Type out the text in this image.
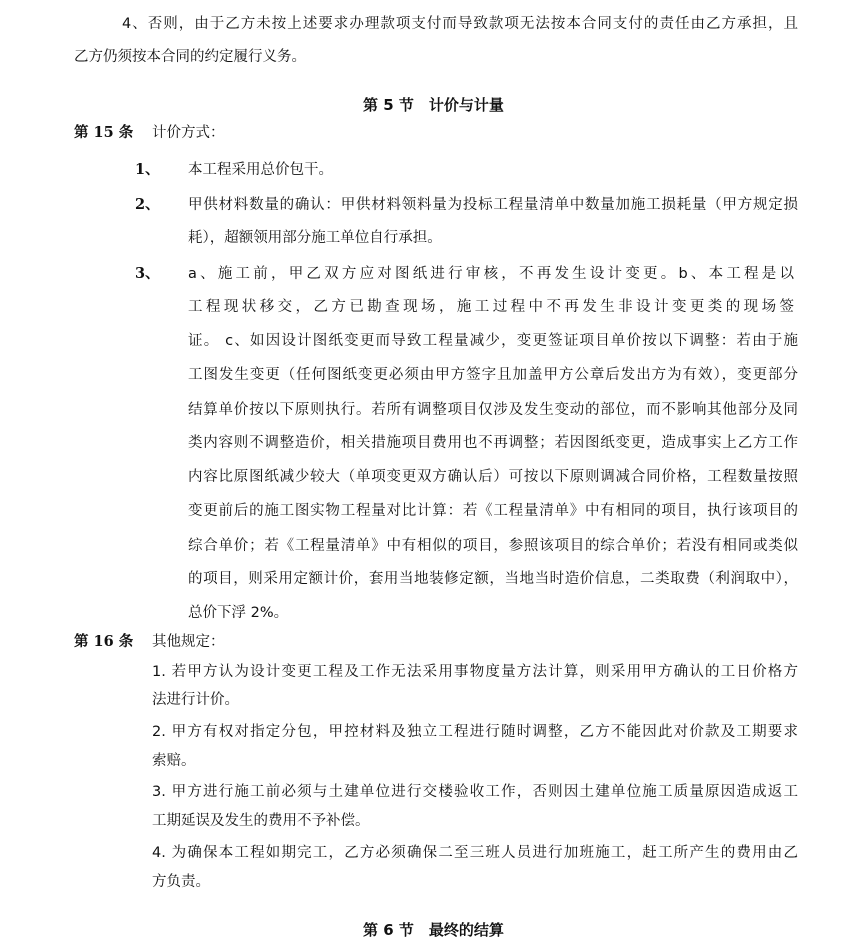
4、否则，由于乙方未按上述要求办理款项支付而导致款项无法按本合同支付的责任由乙方承担，且
乙方仍须按本合同的约定履行义务。
第 5 节　计价与计量
第 15 条 计价方式：
1、 本工程采用总价包干。
2、 甲供材料数量的确认：甲供材料领料量为投标工程量清单中数量加施工损耗量（甲方规定损
耗），超额领用部分施工单位自行承担。
3、 a、施工前，甲乙双方应对图纸进行审核，不再发生设计变更。b、本工程是以
工程现状移交，乙方已勘查现场，施工过程中不再发生非设计变更类的现场签
证。 c、如因设计图纸变更而导致工程量减少，变更签证项目单价按以下调整：若由于施
工图发生变更（任何图纸变更必须由甲方签字且加盖甲方公章后发出方为有效），变更部分
结算单价按以下原则执行。若所有调整项目仅涉及发生变动的部位，而不影响其他部分及同
类内容则不调整造价，相关措施项目费用也不再调整；若因图纸变更，造成事实上乙方工作
内容比原图纸减少较大（单项变更双方确认后）可按以下原则调减合同价格，工程数量按照
变更前后的施工图实物工程量对比计算：若《工程量清单》中有相同的项目，执行该项目的
综合单价；若《工程量清单》中有相似的项目，参照该项目的综合单价；若没有相同或类似
的项目，则采用定额计价，套用当地装修定额，当地当时造价信息，二类取费（利润取中），
总价下浮 2%。
第 16 条 其他规定：
1. 若甲方认为设计变更工程及工作无法采用事物度量方法计算，则采用甲方确认的工日价格方
法进行计价。
2. 甲方有权对指定分包，甲控材料及独立工程进行随时调整，乙方不能因此对价款及工期要求
索赔。
3. 甲方进行施工前必须与土建单位进行交楼验收工作，否则因土建单位施工质量原因造成返工
工期延误及发生的费用不予补偿。
4. 为确保本工程如期完工，乙方必须确保二至三班人员进行加班施工，赶工所产生的费用由乙
方负责。
第 6 节　最终的结算
